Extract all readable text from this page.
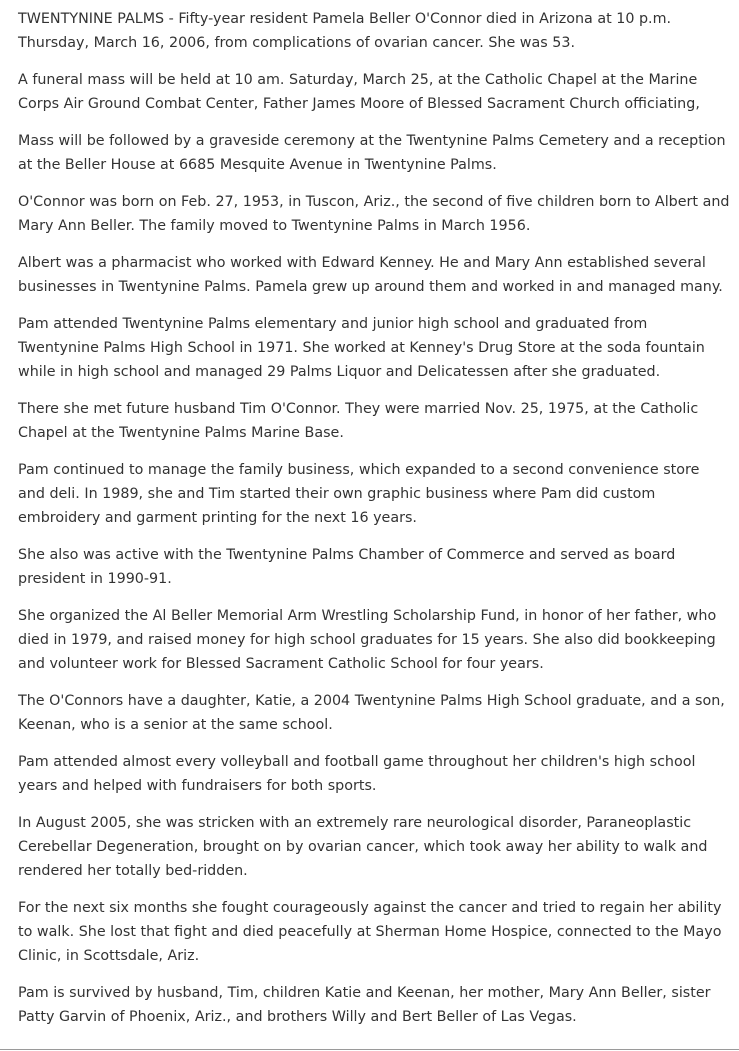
TWENTYNINE PALMS - Fifty-year resident Pamela Beller O'Connor died in Arizona at 10 p.m. Thursday, March 16, 2006, from complications of ovarian cancer. She was 53.

A funeral mass will be held at 10 am. Saturday, March 25, at the Catholic Chapel at the Marine Corps Air Ground Combat Center, Father James Moore of Blessed Sacrament Church officiating,

Mass will be followed by a graveside ceremony at the Twentynine Palms Cemetery and a reception at the Beller House at 6685 Mesquite Avenue in Twentynine Palms.

O'Connor was born on Feb. 27, 1953, in Tuscon, Ariz., the second of five children born to Albert and Mary Ann Beller. The family moved to Twentynine Palms in March 1956.

Albert was a pharmacist who worked with Edward Kenney. He and Mary Ann established several businesses in Twentynine Palms. Pamela grew up around them and worked in and managed many.

Pam attended Twentynine Palms elementary and junior high school and graduated from Twentynine Palms High School in 1971. She worked at Kenney's Drug Store at the soda fountain while in high school and managed 29 Palms Liquor and Delicatessen after she graduated.

There she met future husband Tim O'Connor. They were married Nov. 25, 1975, at the Catholic Chapel at the Twentynine Palms Marine Base.

Pam continued to manage the family business, which expanded to a second convenience store and deli. In 1989, she and Tim started their own graphic business where Pam did custom embroidery and garment printing for the next 16 years.

She also was active with the Twentynine Palms Chamber of Commerce and served as board president in 1990-91.

She organized the Al Beller Memorial Arm Wrestling Scholarship Fund, in honor of her father, who died in 1979, and raised money for high school graduates for 15 years. She also did bookkeeping and volunteer work for Blessed Sacrament Catholic School for four years.

The O'Connors have a daughter, Katie, a 2004 Twentynine Palms High School graduate, and a son, Keenan, who is a senior at the same school.

Pam attended almost every volleyball and football game throughout her children's high school years and helped with fundraisers for both sports.

In August 2005, she was stricken with an extremely rare neurological disorder, Paraneoplastic Cerebellar Degeneration, brought on by ovarian cancer, which took away her ability to walk and rendered her totally bed-ridden.

For the next six months she fought courageously against the cancer and tried to regain her ability to walk. She lost that fight and died peacefully at Sherman Home Hospice, connected to the Mayo Clinic, in Scottsdale, Ariz.

Pam is survived by husband, Tim, children Katie and Keenan, her mother, Mary Ann Beller, sister Patty Garvin of Phoenix, Ariz., and brothers Willy and Bert Beller of Las Vegas.
